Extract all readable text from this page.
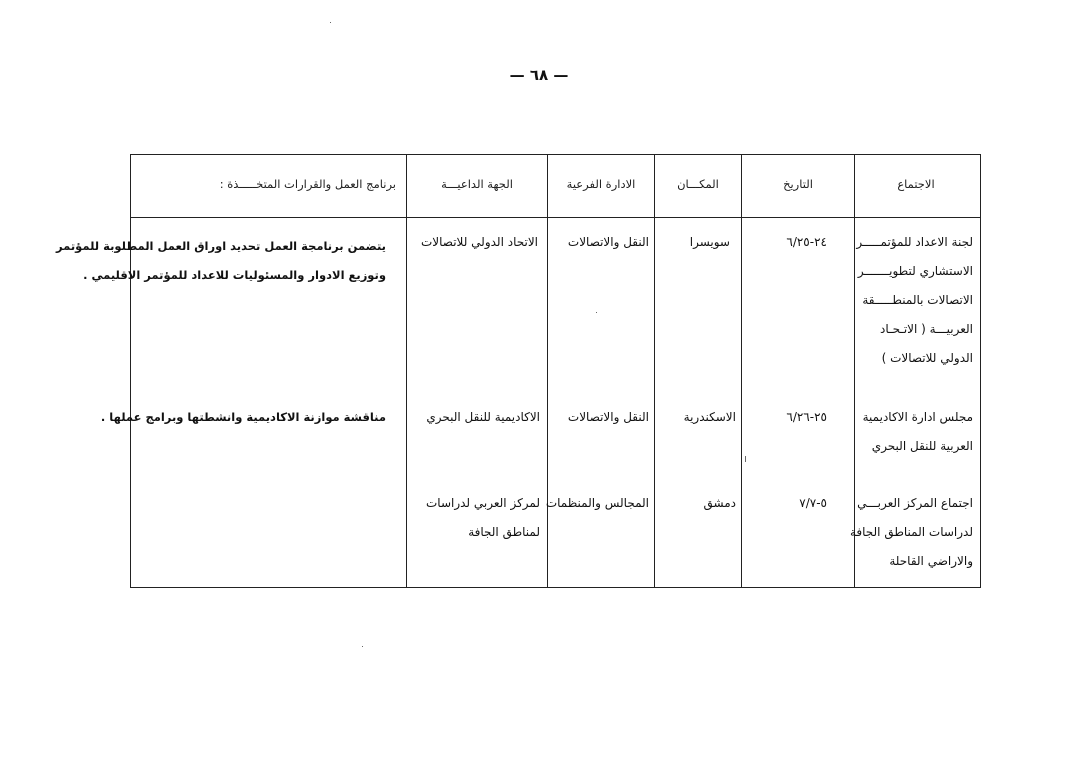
— ٦٨ —
الاجتماع
التاريخ
المكـــان
الادارة الفرعية
الجهة الداعيـــة
برنامج العمل والقرارات المتخـــــذة :
لجنة الاعداد للمؤتمـــــر
الاستشاري لتطويـــــــر
الاتصالات بالمنطـــــقة
العربيـــة ( الاتـحـاد
الدولي للاتصالات )
٢٤-٦/٢٥
سويسرا
النقل والاتصالات
الاتحاد الدولي للاتصالات
يتضمن برنامجة العمل تحديد اوراق العمل المطلوبة للمؤتمر
وتوزيع الادوار والمسئوليات للاعداد للمؤتمر الاقليمي .
مجلس ادارة الاكاديمية
العربية للنقل البحري
٢٥-٦/٢٦
الاسكندرية
النقل والاتصالات
الاكاديمية للنقل البحري
مناقشة موازنة الاكاديمية وانشطتها وبرامج عملها .
اجتماع المركز العربـــي
لدراسات المناطق الجافة
والاراضي القاحلة
٥-٧/٧
دمشق
المجالس والمنظمات
لمركز العربي لدراسات
لمناطق الجافة
